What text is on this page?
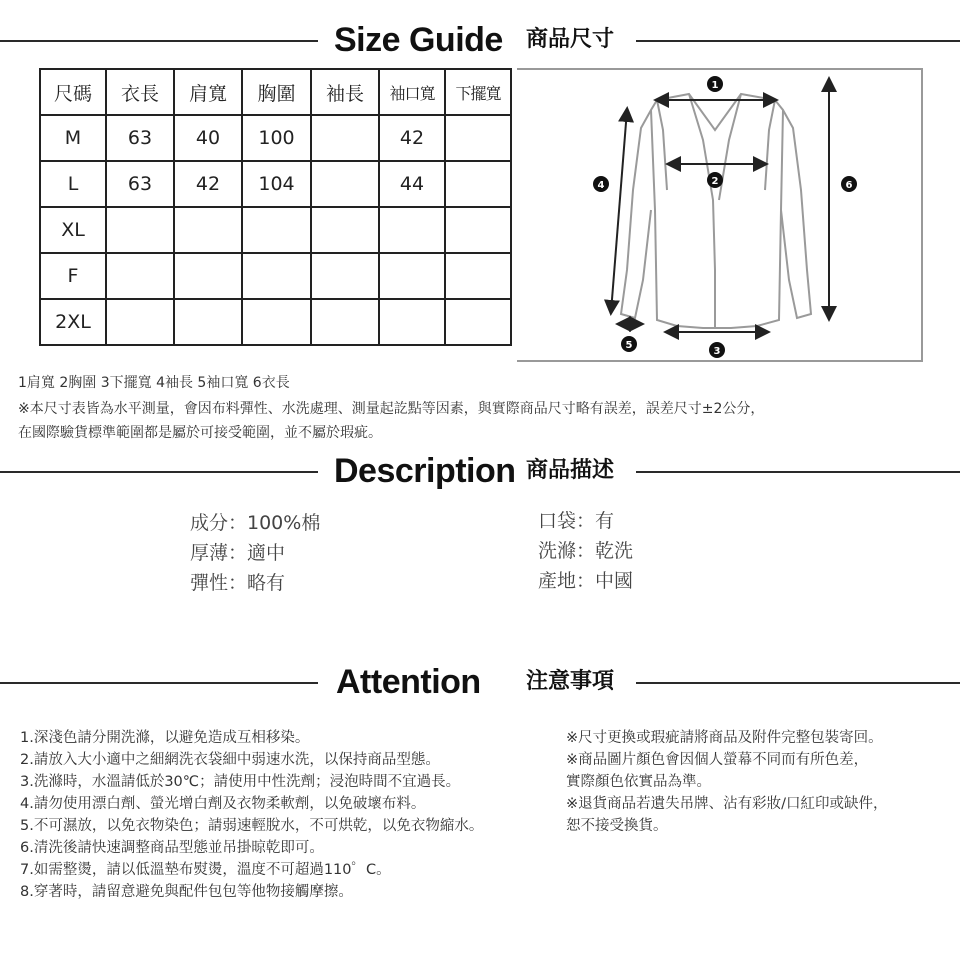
Size Guide 商品尺寸
尺碼	衣長	肩寬	胸圍	袖長	袖口寬	下擺寬
M	63	40	100		42	
L	63	42	104		44	
XL						
F						
2XL						
1
2
3
4
5
6
1肩寬 2胸圍 3下擺寬 4袖長 5袖口寬 6衣長
※本尺寸表皆為水平測量，會因布料彈性、水洗處理、測量起訖點等因素，與實際商品尺寸略有誤差，誤差尺寸±2公分，
在國際驗貨標準範圍都是屬於可接受範圍，並不屬於瑕疵。
Description 商品描述
成分：100%棉
厚薄：適中
彈性：略有
口袋：有
洗滌：乾洗
產地：中國
Attention 注意事項
1.深淺色請分開洗滌，以避免造成互相移染。
2.請放入大小適中之細網洗衣袋細中弱速水洗，以保持商品型態。
3.洗滌時，水溫請低於30℃；請使用中性洗劑；浸泡時間不宜過長。
4.請勿使用漂白劑、螢光增白劑及衣物柔軟劑，以免破壞布料。
5.不可濕放，以免衣物染色；請弱速輕脫水，不可烘乾，以免衣物縮水。
6.清洗後請快速調整商品型態並吊掛晾乾即可。
7.如需整燙，請以低溫墊布熨燙，溫度不可超過110゜C。
8.穿著時，請留意避免與配件包包等他物接觸摩擦。
※尺寸更換或瑕疵請將商品及附件完整包裝寄回。
※商品圖片顏色會因個人螢幕不同而有所色差，
實際顏色依實品為準。
※退貨商品若遺失吊牌、沾有彩妝/口紅印或缺件，
恕不接受換貨。
